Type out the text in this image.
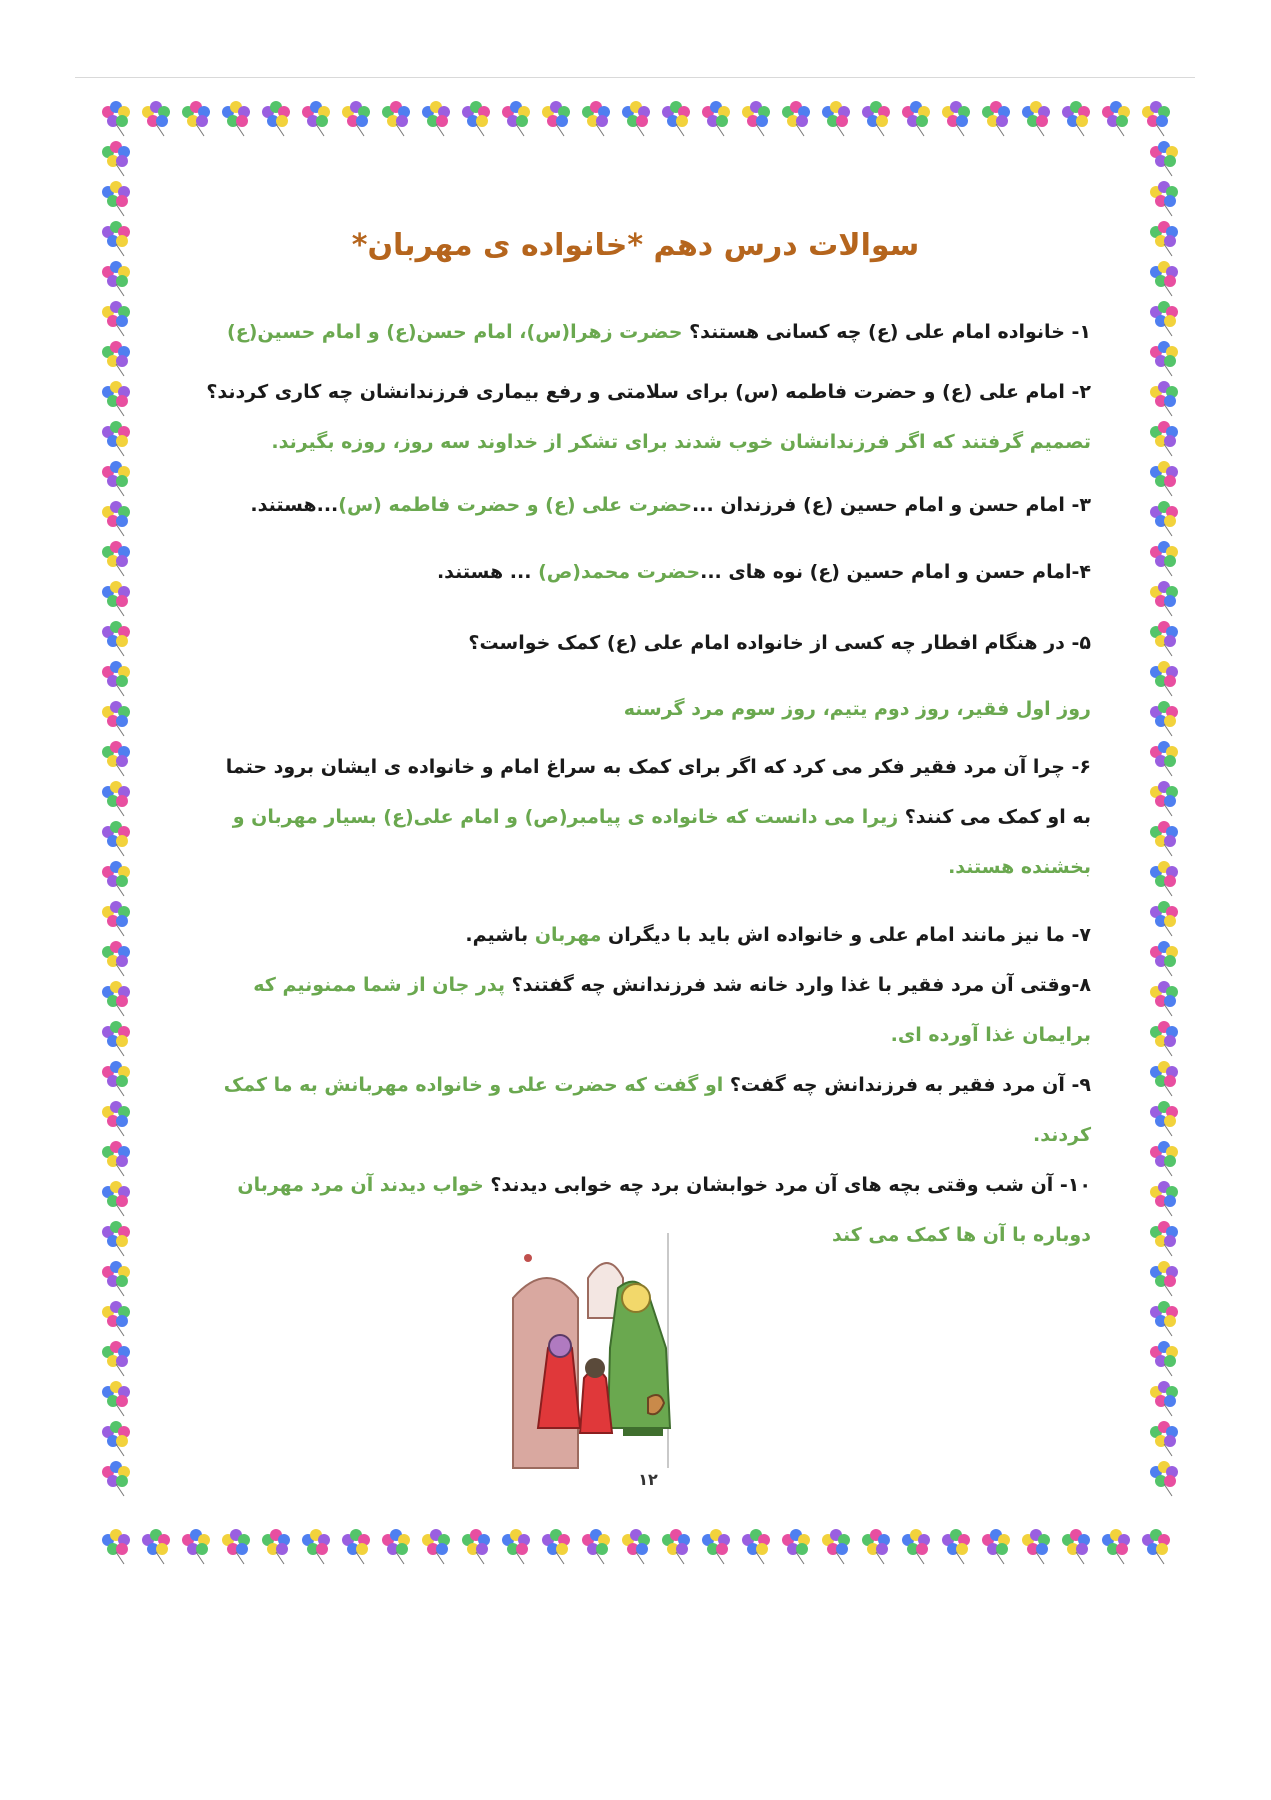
سوالات درس دهم *خانواده ی مهربان*

۱- خانواده امام علی (ع) چه کسانی هستند؟ حضرت زهرا(س)، امام حسن(ع) و امام حسین(ع)

۲- امام علی (ع) و حضرت فاطمه (س) برای سلامتی و رفع بیماری فرزندانشان چه کاری کردند؟
تصمیم گرفتند که اگر فرزندانشان خوب شدند برای تشکر از خداوند سه روز، روزه بگیرند.

۳- امام حسن و امام حسین (ع) فرزندان ...حضرت علی (ع) و حضرت فاطمه (س)...هستند.

۴-امام حسن و امام حسین (ع) نوه های ...حضرت محمد(ص) ... هستند.

۵- در هنگام افطار چه کسی از خانواده امام علی (ع) کمک خواست؟
روز اول فقیر، روز دوم یتیم، روز سوم مرد گرسنه

۶- چرا آن مرد فقیر فکر می کرد که اگر برای کمک به سراغ امام و خانواده ی ایشان برود حتما به او کمک می کنند؟ زیرا می دانست که خانواده ی پیامبر(ص) و امام علی(ع) بسیار مهربان و بخشنده هستند.

۷- ما نیز مانند امام علی و خانواده اش باید با دیگران مهربان باشیم.

۸-وقتی آن مرد فقیر با غذا وارد خانه شد فرزندانش چه گفتند؟ پدر جان از شما ممنونیم که برایمان غذا آورده ای.

۹- آن مرد فقیر به فرزندانش چه گفت؟ او گفت که حضرت علی و خانواده مهربانش به ما کمک کردند.

۱۰- آن شب وقتی بچه های آن مرد خوابشان برد چه خوابی دیدند؟ خواب دیدند آن مرد مهربان دوباره با آن ها کمک می کند

۱۲
